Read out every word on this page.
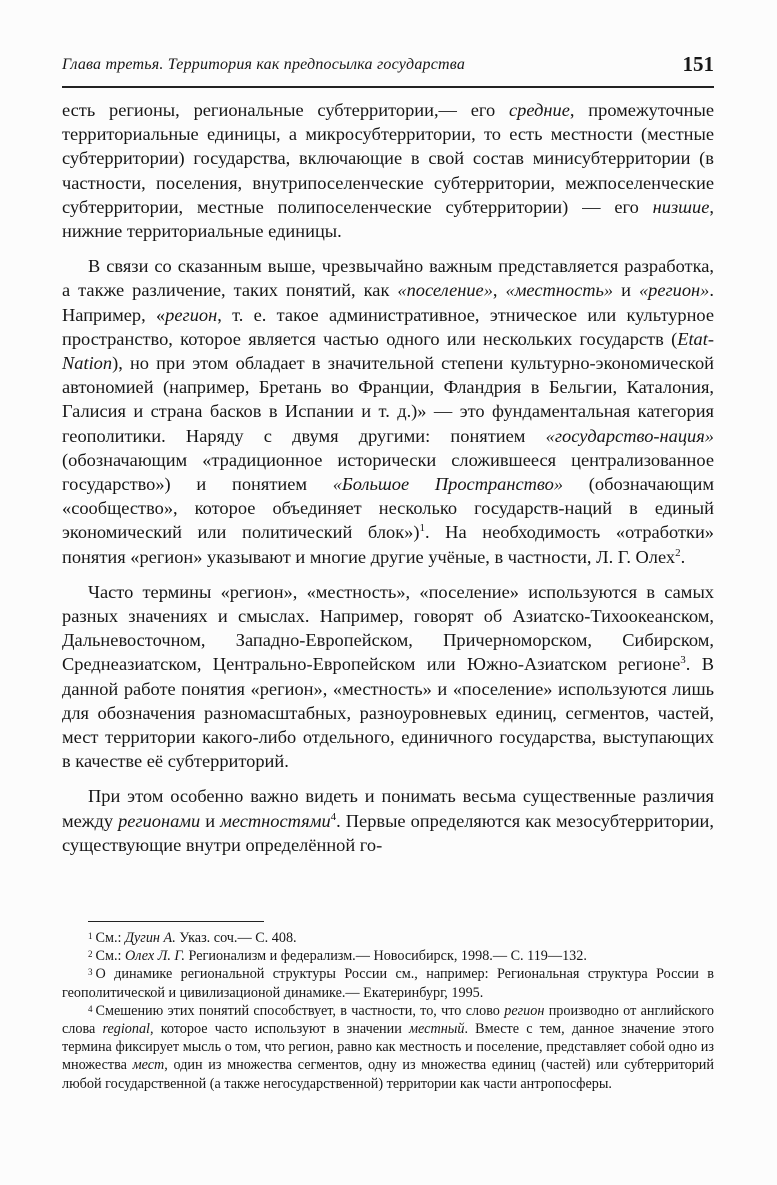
Глава третья. Территория как предпосылка государства	151

есть регионы, региональные субтерритории,— его средние, промежуточные территориальные единицы, а микросубтерритории, то есть местности (местные субтерритории) государства, включающие в свой состав минисубтерритории (в частности, поселения, внутрипоселенческие субтерритории, межпоселенческие субтерритории, местные полипоселенческие субтерритории) — его низшие, нижние территориальные единицы.

В связи со сказанным выше, чрезвычайно важным представляется разработка, а также различение, таких понятий, как «поселение», «местность» и «регион». Например, «регион, т. е. такое административное, этническое или культурное пространство, которое является частью одного или нескольких государств (Etat-Nation), но при этом обладает в значительной степени культурно-экономической автономией (например, Бретань во Франции, Фландрия в Бельгии, Каталония, Галисия и страна басков в Испании и т. д.)» — это фундаментальная категория геополитики. Наряду с двумя другими: понятием «государство-нация» (обозначающим «традиционное исторически сложившееся централизованное государство») и понятием «Большое Пространство» (обозначающим «сообщество», которое объединяет несколько государств-наций в единый экономический или политический блок»)$^1$. На необходимость «отработки» понятия «регион» указывают и многие другие учёные, в частности, Л. Г. Олех$^2$.

Часто термины «регион», «местность», «поселение» используются в самых разных значениях и смыслах. Например, говорят об Азиатско-Тихоокеанском, Дальневосточном, Западно-Европейском, Причерноморском, Сибирском, Среднеазиатском, Центрально-Европейском или Южно-Азиатском регионе$^3$. В данной работе понятия «регион», «местность» и «поселение» используются лишь для обозначения разномасштабных, разноуровневых единиц, сегментов, частей, мест территории какого-либо отдельного, единичного государства, выступающих в качестве её субтерриторий.

При этом особенно важно видеть и понимать весьма существенные различия между регионами и местностями$^4$. Первые определяются как мезосубтерритории, существующие внутри определённой го-

$^1$ См.: Дугин А. Указ. соч.— С. 408.

$^2$ См.: Олех Л. Г. Регионализм и федерализм.— Новосибирск, 1998.— С. 119—132.

$^3$ О динамике региональной структуры России см., например: Региональная структура России в геополитической и цивилизационой динамике.— Екатеринбург, 1995.

$^4$ Смешению этих понятий способствует, в частности, то, что слово регион производно от английского слова regional, которое часто используют в значении местный. Вместе с тем, данное значение этого термина фиксирует мысль о том, что регион, равно как местность и поселение, представляет собой одно из множества мест, один из множества сегментов, одну из множества единиц (частей) или субтерриторий любой государственной (а также негосударственной) территории как части антропосферы.
